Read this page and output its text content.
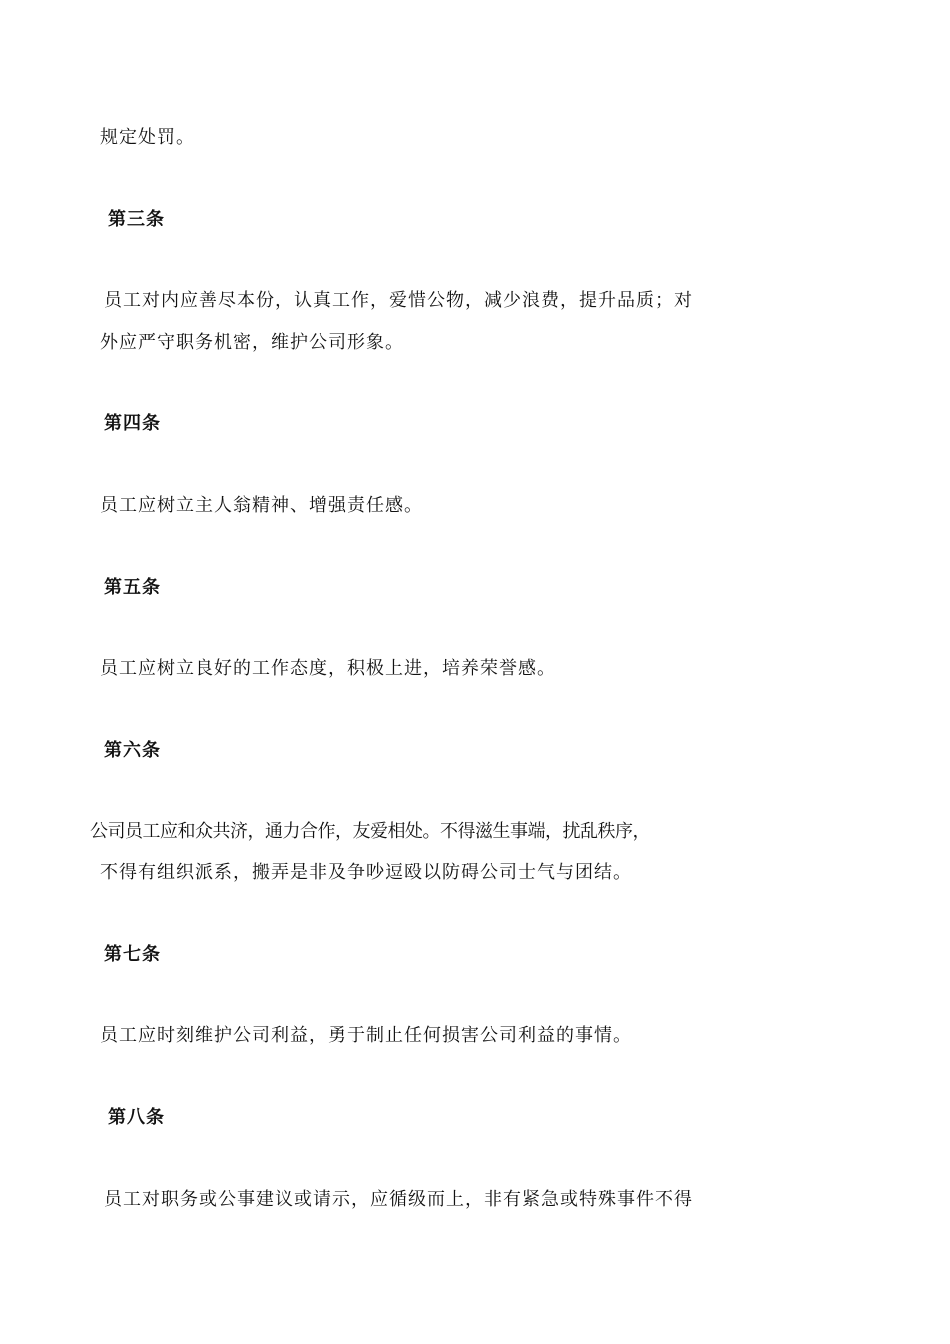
规定处罚。
第三条
员工对内应善尽本份，认真工作，爱惜公物，减少浪费，提升品质；对
外应严守职务机密，维护公司形象。
第四条
员工应树立主人翁精神、增强责任感。
第五条
员工应树立良好的工作态度，积极上进，培养荣誉感。
第六条
公司员工应和众共济，通力合作，友爱相处。不得滋生事端，扰乱秩序，
不得有组织派系，搬弄是非及争吵逗殴以防碍公司士气与团结。
第七条
员工应时刻维护公司利益，勇于制止任何损害公司利益的事情。
第八条
员工对职务或公事建议或请示，应循级而上，非有紧急或特殊事件不得
